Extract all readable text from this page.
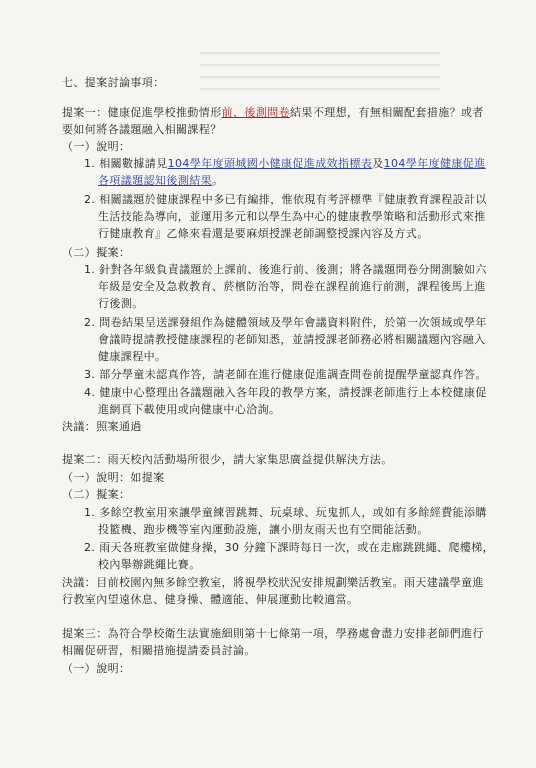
七、提案討論事項：
提案一：健康促進學校推動情形前、後測問卷結果不理想，有無相關配套措施？或者
要如何將各議題融入相關課程？
（一）說明：
1. 相關數據請見104學年度頭城國小健康促進成效指標表及104學年度健康促進
各項議題認知後測結果。
2. 相關議題於健康課程中多已有編排，惟依現有考評標準『健康教育課程設計以
生活技能為導向，並運用多元和以學生為中心的健康教學策略和活動形式來推
行健康教育』乙條來看還是要麻煩授課老師調整授課內容及方式。
（二）擬案：
1. 針對各年級負責議題於上課前、後進行前、後測；將各議題問卷分開測驗如六
年級是安全及急救教育、菸檳防治等，問卷在課程前進行前測，課程後馬上進
行後測。
2. 問卷結果呈送課發組作為健體領域及學年會議資料附件，於第一次領域或學年
會議時提請教授健康課程的老師知悉，並請授課老師務必將相關議題內容融入
健康課程中。
3. 部分學童未認真作答，請老師在進行健康促進調查問卷前提醒學童認真作答。
4. 健康中心整理出各議題融入各年段的教學方案，請授課老師進行上本校健康促
進網頁下載使用或向健康中心洽詢。
決議：照案通過
提案二：雨天校內活動場所很少，請大家集思廣益提供解決方法。
（一）說明：如提案
（二）擬案：
1. 多餘空教室用來讓學童練習跳舞、玩桌球、玩鬼抓人，或如有多餘經費能添購
投籃機、跑步機等室內運動設施，讓小朋友雨天也有空間能活動。
2. 雨天各班教室做健身操，30 分鐘下課時每日一次，或在走廊跳跳繩、爬樓梯，
校內舉辦跳繩比賽。
決議：目前校園內無多餘空教室，將視學校狀況安排規劃樂活教室。雨天建議學童進
行教室內望遠休息、健身操、體適能、伸展運動比較適當。
提案三：為符合學校衛生法實施細則第十七條第一項，學務處會盡力安排老師們進行
相關促研習，相關措施提請委員討論。
（一）說明：
